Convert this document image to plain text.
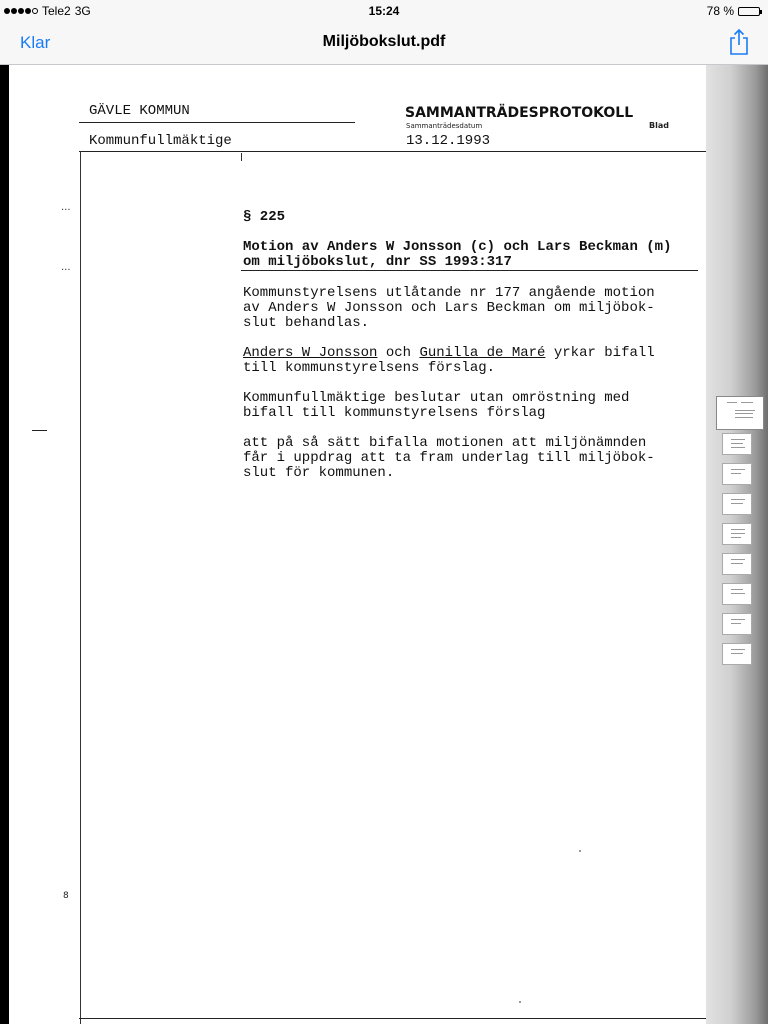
Tele2 3G	15:24	78 %
Klar	Miljöbokslut.pdf
GÄVLE KOMMUN
Kommunfullmäktige
SAMMANTRÄDESPROTOKOLL
Sammanträdesdatum	Blad
13.12.1993
···
···
§ 225
Motion av Anders W Jonsson (c) och Lars Beckman (m)
om miljöbokslut, dnr SS 1993:317
Kommunstyrelsens utlåtande nr 177 angående motion
av Anders W Jonsson och Lars Beckman om miljöbok-
slut behandlas.
Anders W Jonsson och Gunilla de Maré yrkar bifall
till kommunstyrelsens förslag.
Kommunfullmäktige beslutar utan omröstning med
bifall till kommunstyrelsens förslag
att på så sätt bifalla motionen att miljönämnden
får i uppdrag att ta fram underlag till miljöbok-
slut för kommunen.
8
